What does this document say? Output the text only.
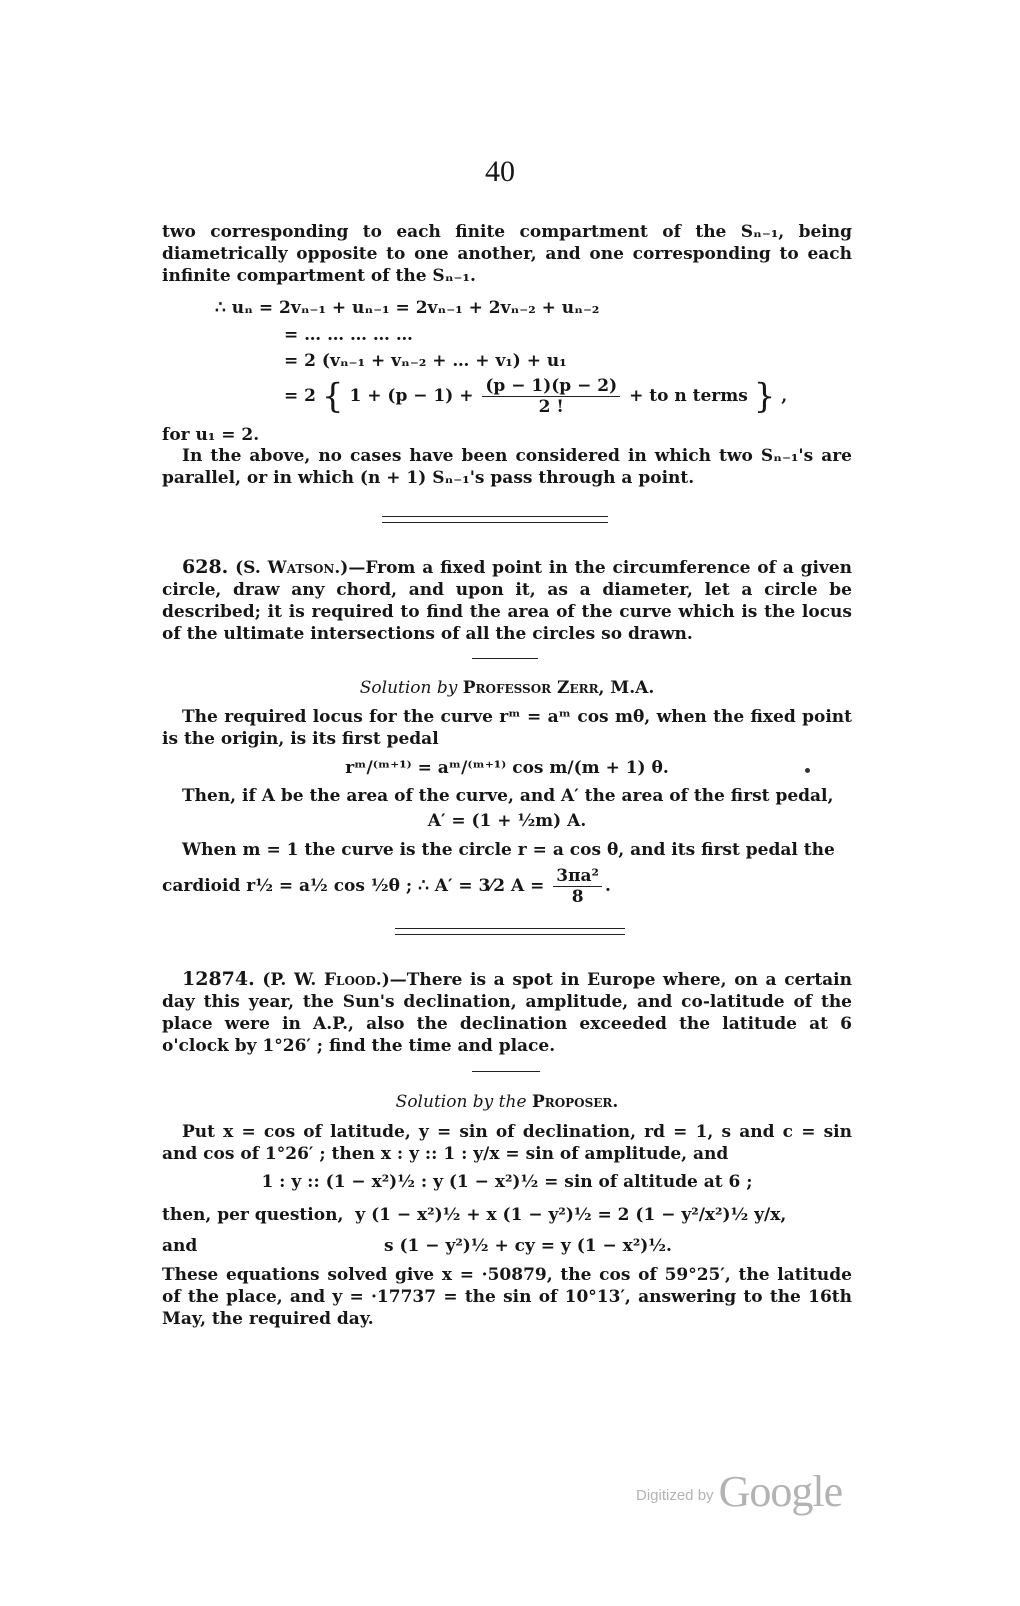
40
two corresponding to each finite compartment of the Sₙ₋₁, being diametrically opposite to one another, and one corresponding to each infinite compartment of the Sₙ₋₁.
∴ uₙ = 2vₙ₋₁ + uₙ₋₁ = 2vₙ₋₁ + 2vₙ₋₂ + uₙ₋₂
= … … … … …
= 2 (vₙ₋₁ + vₙ₋₂ + … + v₁) + u₁
= 2 { $1 + (p - 1) + \frac{(p - 1)(p - 2)}{2 !}$ + to n terms } ,
for u₁ = 2.
In the above, no cases have been considered in which two Sₙ₋₁'s are parallel, or in which (n + 1) Sₙ₋₁'s pass through a point.
628. (S. Watson.)—From a fixed point in the circumference of a given circle, draw any chord, and upon it, as a diameter, let a circle be described; it is required to find the area of the curve which is the locus of the ultimate intersections of all the circles so drawn.
Solution by Professor Zerr, M.A.
The required locus for the curve rᵐ = aᵐ cos mθ, when the fixed point is the origin, is its first pedal
rᵐ/⁽ᵐ⁺¹⁾ = aᵐ/⁽ᵐ⁺¹⁾ cos m/(m + 1) θ.
Then, if A be the area of the curve, and A′ the area of the first pedal,
A′ = (1 + ½m) A.
When m = 1 the curve is the circle r = a cos θ, and its first pedal the
cardioid r½ = a½ cos ½θ ; ∴ A′ = 3⁄2 $A = \frac{\text{3πa²}}{8}$ .
12874. (P. W. Flood.)—There is a spot in Europe where, on a certain day this year, the Sun's declination, amplitude, and co-latitude of the place were in A.P., also the declination exceeded the latitude at 6 o'clock by 1°26′ ; find the time and place.
Solution by the Proposer.
Put x = cos of latitude, y = sin of declination, rd = 1, s and c = sin and cos of 1°26′ ; then x : y :: 1 : y/x = sin of amplitude, and
1 : y :: (1 − x²)½ : y (1 − x²)½ = sin of altitude at 6 ;
then, per question, y (1 − x²)½ + x (1 − y²)½ = 2 (1 − y²/x²)½ y/x,
and	s (1 − y²)½ + cy = y (1 − x²)½.
These equations solved give x = ·50879, the cos of 59°25′, the latitude of the place, and y = ·17737 = the sin of 10°13′, answering to the 16th May, the required day.
Digitized by Google
